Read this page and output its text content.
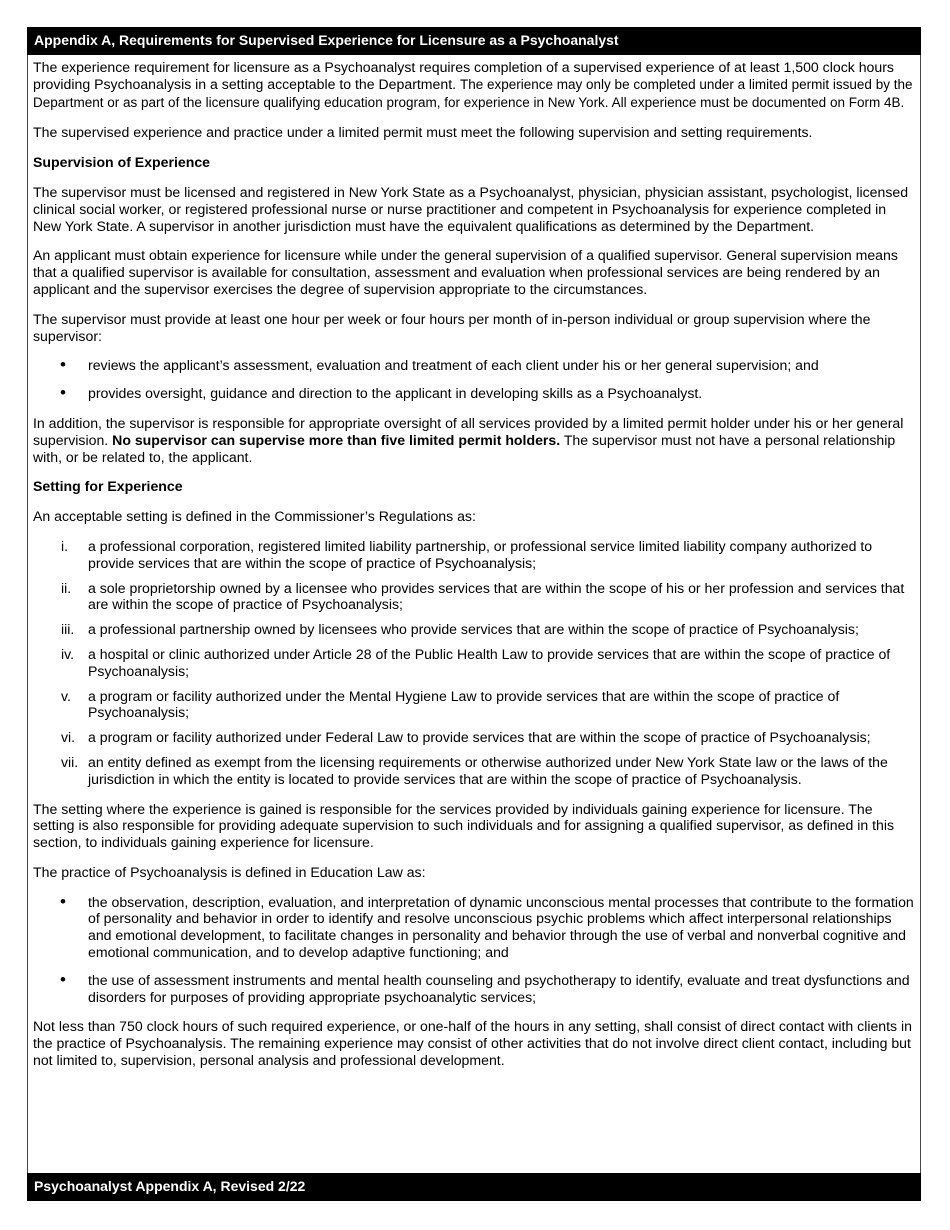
Appendix A, Requirements for Supervised Experience for Licensure as a Psychoanalyst

The experience requirement for licensure as a Psychoanalyst requires completion of a supervised experience of at least 1,500 clock hours providing Psychoanalysis in a setting acceptable to the Department. The experience may only be completed under a limited permit issued by the Department or as part of the licensure qualifying education program, for experience in New York. All experience must be documented on Form 4B.

The supervised experience and practice under a limited permit must meet the following supervision and setting requirements.

Supervision of Experience

The supervisor must be licensed and registered in New York State as a Psychoanalyst, physician, physician assistant, psychologist, licensed clinical social worker, or registered professional nurse or nurse practitioner and competent in Psychoanalysis for experience completed in New York State. A supervisor in another jurisdiction must have the equivalent qualifications as determined by the Department.

An applicant must obtain experience for licensure while under the general supervision of a qualified supervisor. General supervision means that a qualified supervisor is available for consultation, assessment and evaluation when professional services are being rendered by an applicant and the supervisor exercises the degree of supervision appropriate to the circumstances.

The supervisor must provide at least one hour per week or four hours per month of in-person individual or group supervision where the supervisor:

• reviews the applicant’s assessment, evaluation and treatment of each client under his or her general supervision; and
• provides oversight, guidance and direction to the applicant in developing skills as a Psychoanalyst.

In addition, the supervisor is responsible for appropriate oversight of all services provided by a limited permit holder under his or her general supervision. No supervisor can supervise more than five limited permit holders. The supervisor must not have a personal relationship with, or be related to, the applicant.

Setting for Experience

An acceptable setting is defined in the Commissioner’s Regulations as:

i. a professional corporation, registered limited liability partnership, or professional service limited liability company authorized to provide services that are within the scope of practice of Psychoanalysis;
ii. a sole proprietorship owned by a licensee who provides services that are within the scope of his or her profession and services that are within the scope of practice of Psychoanalysis;
iii. a professional partnership owned by licensees who provide services that are within the scope of practice of Psychoanalysis;
iv. a hospital or clinic authorized under Article 28 of the Public Health Law to provide services that are within the scope of practice of Psychoanalysis;
v. a program or facility authorized under the Mental Hygiene Law to provide services that are within the scope of practice of Psychoanalysis;
vi. a program or facility authorized under Federal Law to provide services that are within the scope of practice of Psychoanalysis;
vii. an entity defined as exempt from the licensing requirements or otherwise authorized under New York State law or the laws of the jurisdiction in which the entity is located to provide services that are within the scope of practice of Psychoanalysis.

The setting where the experience is gained is responsible for the services provided by individuals gaining experience for licensure. The setting is also responsible for providing adequate supervision to such individuals and for assigning a qualified supervisor, as defined in this section, to individuals gaining experience for licensure.

The practice of Psychoanalysis is defined in Education Law as:

• the observation, description, evaluation, and interpretation of dynamic unconscious mental processes that contribute to the formation of personality and behavior in order to identify and resolve unconscious psychic problems which affect interpersonal relationships and emotional development, to facilitate changes in personality and behavior through the use of verbal and nonverbal cognitive and emotional communication, and to develop adaptive functioning; and
• the use of assessment instruments and mental health counseling and psychotherapy to identify, evaluate and treat dysfunctions and disorders for purposes of providing appropriate psychoanalytic services;

Not less than 750 clock hours of such required experience, or one-half of the hours in any setting, shall consist of direct contact with clients in the practice of Psychoanalysis. The remaining experience may consist of other activities that do not involve direct client contact, including but not limited to, supervision, personal analysis and professional development.

Psychoanalyst Appendix A, Revised 2/22
